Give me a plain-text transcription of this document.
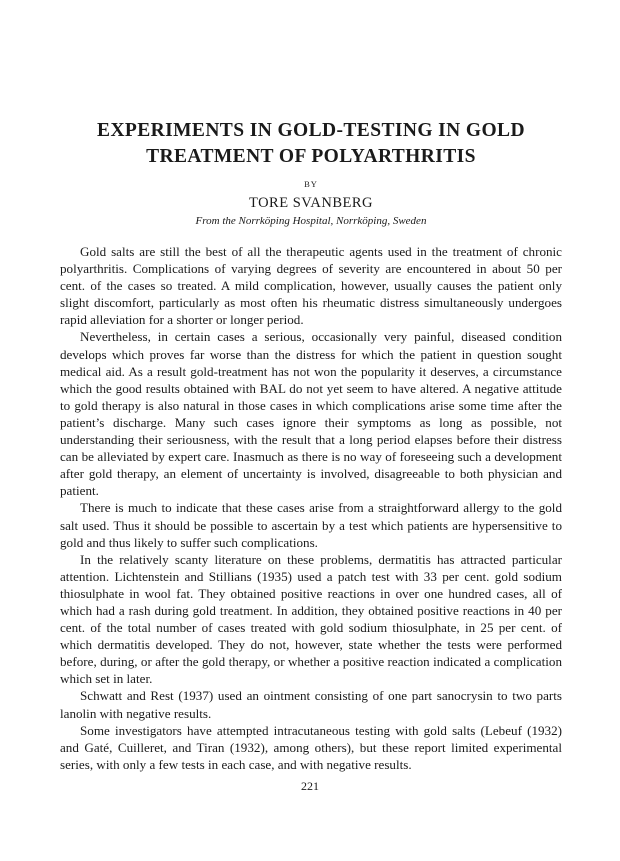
EXPERIMENTS IN GOLD-TESTING IN GOLD
TREATMENT OF POLYARTHRITIS
BY
TORE SVANBERG
From the Norrköping Hospital, Norrköping, Sweden

Gold salts are still the best of all the therapeutic agents used in the treatment of chronic polyarthritis. Complications of varying degrees of severity are encountered in about 50 per cent. of the cases so treated. A mild complication, however, usually causes the patient only slight discomfort, particularly as most often his rheumatic distress simultaneously undergoes rapid alleviation for a shorter or longer period.

Nevertheless, in certain cases a serious, occasionally very painful, diseased condition develops which proves far worse than the distress for which the patient in question sought medical aid. As a result gold-treatment has not won the popularity it deserves, a circumstance which the good results obtained with BAL do not yet seem to have altered. A negative attitude to gold therapy is also natural in those cases in which complications arise some time after the patient’s discharge. Many such cases ignore their symptoms as long as possible, not understanding their seriousness, with the result that a long period elapses before their distress can be alleviated by expert care. Inasmuch as there is no way of foreseeing such a development after gold therapy, an element of uncertainty is involved, disagreeable to both physician and patient.

There is much to indicate that these cases arise from a straightforward allergy to the gold salt used. Thus it should be possible to ascertain by a test which patients are hypersensitive to gold and thus likely to suffer such complications.

In the relatively scanty literature on these problems, dermatitis has attracted particular attention. Lichtenstein and Stillians (1935) used a patch test with 33 per cent. gold sodium thiosulphate in wool fat. They obtained positive reactions in over one hundred cases, all of which had a rash during gold treatment. In addition, they obtained positive reactions in 40 per cent. of the total number of cases treated with gold sodium thiosulphate, in 25 per cent. of which dermatitis developed. They do not, however, state whether the tests were performed before, during, or after the gold therapy, or whether a positive reaction indicated a complication which set in later.

Schwatt and Rest (1937) used an ointment consisting of one part sanocrysin to two parts lanolin with negative results.

Some investigators have attempted intracutaneous testing with gold salts (Lebeuf (1932) and Gaté, Cuilleret, and Tiran (1932), among others), but these report limited experimental series, with only a few tests in each case, and with negative results.

221
